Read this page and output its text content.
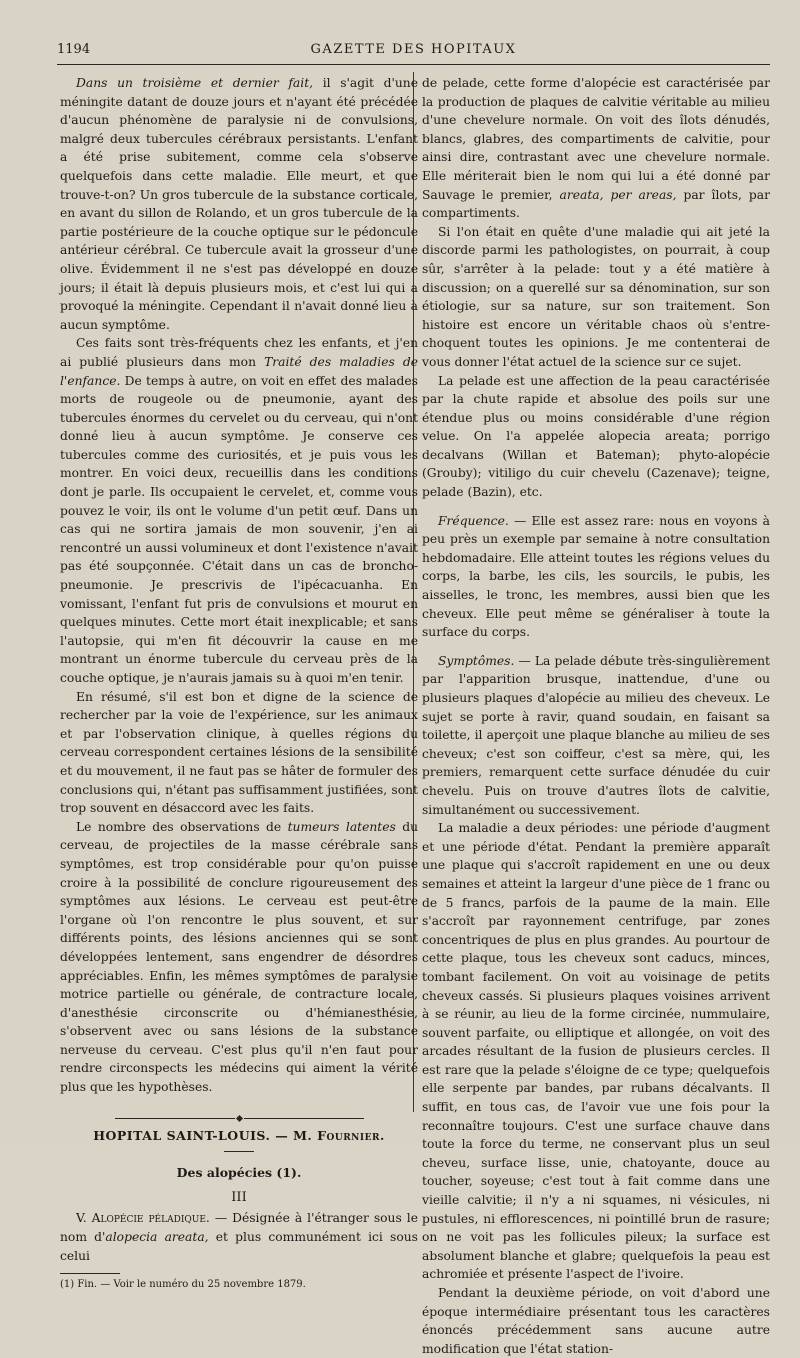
1194	GAZETTE DES HOPITAUX

Dans un troisième et dernier fait, il s'agit d'une méningite datant de douze jours et n'ayant été précédée d'aucun phénomène de paralysie ni de convulsions, malgré deux tubercules cérébraux persistants. L'enfant a été prise subitement, comme cela s'observe quelquefois dans cette maladie. Elle meurt, et que trouve-t-on? Un gros tubercule de la substance corticale, en avant du sillon de Rolando, et un gros tubercule de la partie postérieure de la couche optique sur le pédoncule antérieur cérébral. Ce tubercule avait la grosseur d'une olive. Évidemment il ne s'est pas développé en douze jours; il était là depuis plusieurs mois, et c'est lui qui a provoqué la méningite. Cependant il n'avait donné lieu à aucun symptôme.

Ces faits sont très-fréquents chez les enfants, et j'en ai publié plusieurs dans mon Traité des maladies de l'enfance. De temps à autre, on voit en effet des malades morts de rougeole ou de pneumonie, ayant des tubercules énormes du cervelet ou du cerveau, qui n'ont donné lieu à aucun symptôme. Je conserve ces tubercules comme des curiosités, et je puis vous les montrer. En voici deux, recueillis dans les conditions dont je parle. Ils occupaient le cervelet, et, comme vous pouvez le voir, ils ont le volume d'un petit œuf. Dans un cas qui ne sortira jamais de mon souvenir, j'en ai rencontré un aussi volumineux et dont l'existence n'avait pas été soupçonnée. C'était dans un cas de broncho-pneumonie. Je prescrivis de l'ipécacuanha. En vomissant, l'enfant fut pris de convulsions et mourut en quelques minutes. Cette mort était inexplicable; et sans l'autopsie, qui m'en fit découvrir la cause en me montrant un énorme tubercule du cerveau près de la couche optique, je n'aurais jamais su à quoi m'en tenir.

En résumé, s'il est bon et digne de la science de rechercher par la voie de l'expérience, sur les animaux et par l'observation clinique, à quelles régions du cerveau correspondent certaines lésions de la sensibilité et du mouvement, il ne faut pas se hâter de formuler des conclusions qui, n'étant pas suffisamment justifiées, sont trop souvent en désaccord avec les faits.

Le nombre des observations de tumeurs latentes du cerveau, de projectiles de la masse cérébrale sans symptômes, est trop considérable pour qu'on puisse croire à la possibilité de conclure rigoureusement des symptômes aux lésions. Le cerveau est peut-être l'organe où l'on rencontre le plus souvent, et sur différents points, des lésions anciennes qui se sont développées lentement, sans engendrer de désordres appréciables. Enfin, les mêmes symptômes de paralysie motrice partielle ou générale, de contracture locale, d'anesthésie circonscrite ou d'hémianesthésie, s'observent avec ou sans lésions de la substance nerveuse du cerveau. C'est plus qu'il n'en faut pour rendre circonspects les médecins qui aiment la vérité plus que les hypothèses.

HOPITAL SAINT-LOUIS. — M. Fournier.
Des alopécies (1).
III

V. Alopécie péladique. — Désignée à l'étranger sous le nom d'alopecia areata, et plus communément ici sous celui

(1) Fin. — Voir le numéro du 25 novembre 1879.

de pelade, cette forme d'alopécie est caractérisée par la production de plaques de calvitie véritable au milieu d'une chevelure normale. On voit des îlots dénudés, blancs, glabres, des compartiments de calvitie, pour ainsi dire, contrastant avec une chevelure normale. Elle mériterait bien le nom qui lui a été donné par Sauvage le premier, areata, per areas, par îlots, par compartiments.

Si l'on était en quête d'une maladie qui ait jeté la discorde parmi les pathologistes, on pourrait, à coup sûr, s'arrêter à la pelade: tout y a été matière à discussion; on a querellé sur sa dénomination, sur son étiologie, sur sa nature, sur son traitement. Son histoire est encore un véritable chaos où s'entre-choquent toutes les opinions. Je me contenterai de vous donner l'état actuel de la science sur ce sujet.

La pelade est une affection de la peau caractérisée par la chute rapide et absolue des poils sur une étendue plus ou moins considérable d'une région velue. On l'a appelée alopecia areata; porrigo decalvans (Willan et Bateman); phyto-alopécie (Grouby); vitiligo du cuir chevelu (Cazenave); teigne, pelade (Bazin), etc.

Fréquence. — Elle est assez rare: nous en voyons à peu près un exemple par semaine à notre consultation hebdomadaire. Elle atteint toutes les régions velues du corps, la barbe, les cils, les sourcils, le pubis, les aisselles, le tronc, les membres, aussi bien que les cheveux. Elle peut même se généraliser à toute la surface du corps.

Symptômes. — La pelade débute très-singulièrement par l'apparition brusque, inattendue, d'une ou plusieurs plaques d'alopécie au milieu des cheveux. Le sujet se porte à ravir, quand soudain, en faisant sa toilette, il aperçoit une plaque blanche au milieu de ses cheveux; c'est son coiffeur, c'est sa mère, qui, les premiers, remarquent cette surface dénudée du cuir chevelu. Puis on trouve d'autres îlots de calvitie, simultanément ou successivement.

La maladie a deux périodes: une période d'augment et une période d'état. Pendant la première apparaît une plaque qui s'accroît rapidement en une ou deux semaines et atteint la largeur d'une pièce de 1 franc ou de 5 francs, parfois de la paume de la main. Elle s'accroît par rayonnement centrifuge, par zones concentriques de plus en plus grandes. Au pourtour de cette plaque, tous les cheveux sont caducs, minces, tombant facilement. On voit au voisinage de petits cheveux cassés. Si plusieurs plaques voisines arrivent à se réunir, au lieu de la forme circinée, nummulaire, souvent parfaite, ou elliptique et allongée, on voit des arcades résultant de la fusion de plusieurs cercles. Il est rare que la pelade s'éloigne de ce type; quelquefois elle serpente par bandes, par rubans décalvants. Il suffit, en tous cas, de l'avoir vue une fois pour la reconnaître toujours. C'est une surface chauve dans toute la force du terme, ne conservant plus un seul cheveu, surface lisse, unie, chatoyante, douce au toucher, soyeuse; c'est tout à fait comme dans une vieille calvitie; il n'y a ni squames, ni vésicules, ni pustules, ni efflorescences, ni pointillé brun de rasure; on ne voit pas les follicules pileux; la surface est absolument blanche et glabre; quelquefois la peau est achromiée et présente l'aspect de l'ivoire.

Pendant la deuxième période, on voit d'abord une époque intermédiaire présentant tous les caractères énoncés précédemment sans aucune autre modification que l'état station-
